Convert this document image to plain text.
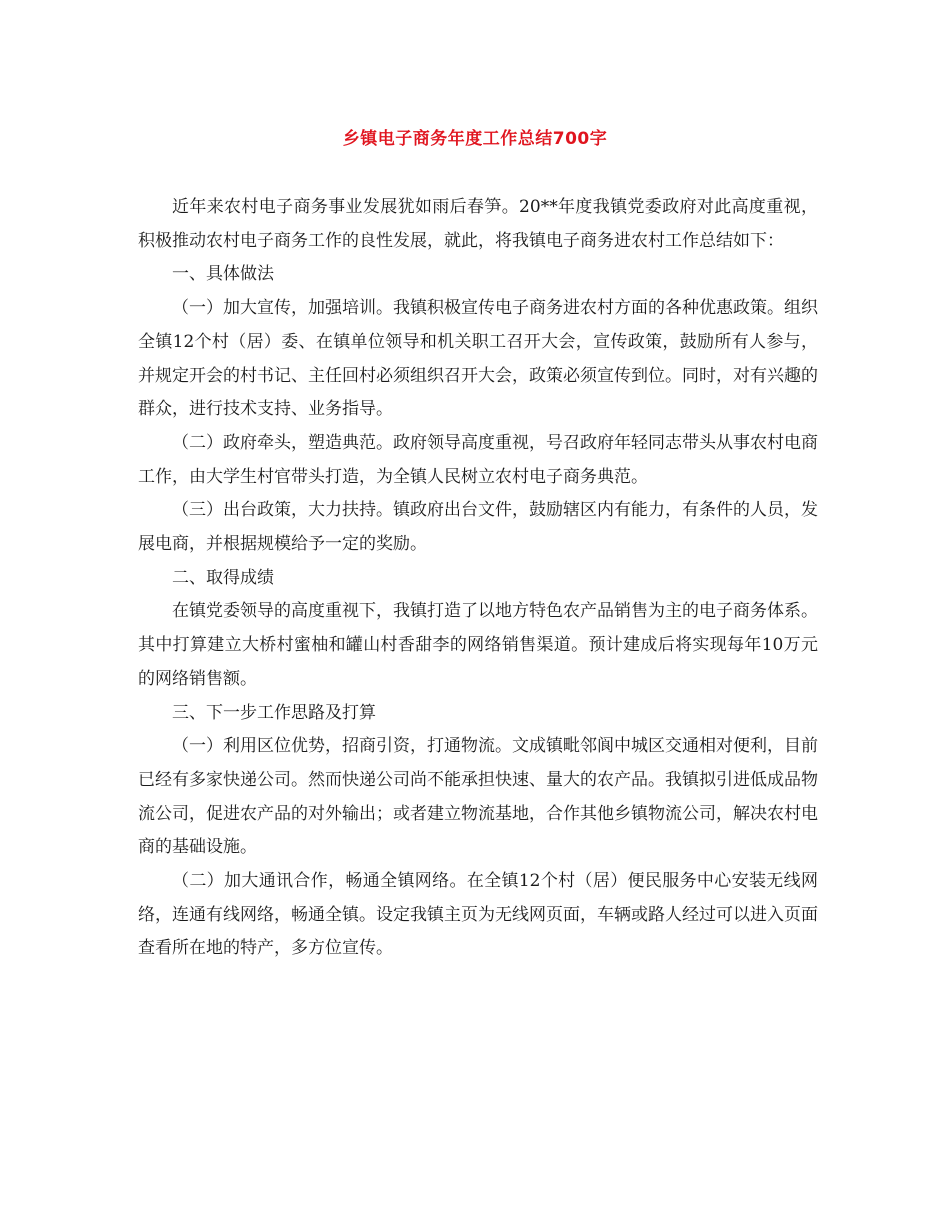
乡镇电子商务年度工作总结700字

近年来农村电子商务事业发展犹如雨后春笋。20**年度我镇党委政府对此高度重视，积极推动农村电子商务工作的良性发展，就此，将我镇电子商务进农村工作总结如下：

一、具体做法

（一）加大宣传，加强培训。我镇积极宣传电子商务进农村方面的各种优惠政策。组织全镇12个村（居）委、在镇单位领导和机关职工召开大会，宣传政策，鼓励所有人参与，并规定开会的村书记、主任回村必须组织召开大会，政策必须宣传到位。同时，对有兴趣的群众，进行技术支持、业务指导。

（二）政府牵头，塑造典范。政府领导高度重视，号召政府年轻同志带头从事农村电商工作，由大学生村官带头打造，为全镇人民树立农村电子商务典范。

（三）出台政策，大力扶持。镇政府出台文件，鼓励辖区内有能力，有条件的人员，发展电商，并根据规模给予一定的奖励。

二、取得成绩

在镇党委领导的高度重视下，我镇打造了以地方特色农产品销售为主的电子商务体系。其中打算建立大桥村蜜柚和罐山村香甜李的网络销售渠道。预计建成后将实现每年10万元的网络销售额。

三、下一步工作思路及打算

（一）利用区位优势，招商引资，打通物流。文成镇毗邻阆中城区交通相对便利，目前已经有多家快递公司。然而快递公司尚不能承担快速、量大的农产品。我镇拟引进低成品物流公司，促进农产品的对外输出；或者建立物流基地，合作其他乡镇物流公司，解决农村电商的基础设施。

（二）加大通讯合作，畅通全镇网络。在全镇12个村（居）便民服务中心安装无线网络，连通有线网络，畅通全镇。设定我镇主页为无线网页面，车辆或路人经过可以进入页面查看所在地的特产，多方位宣传。
